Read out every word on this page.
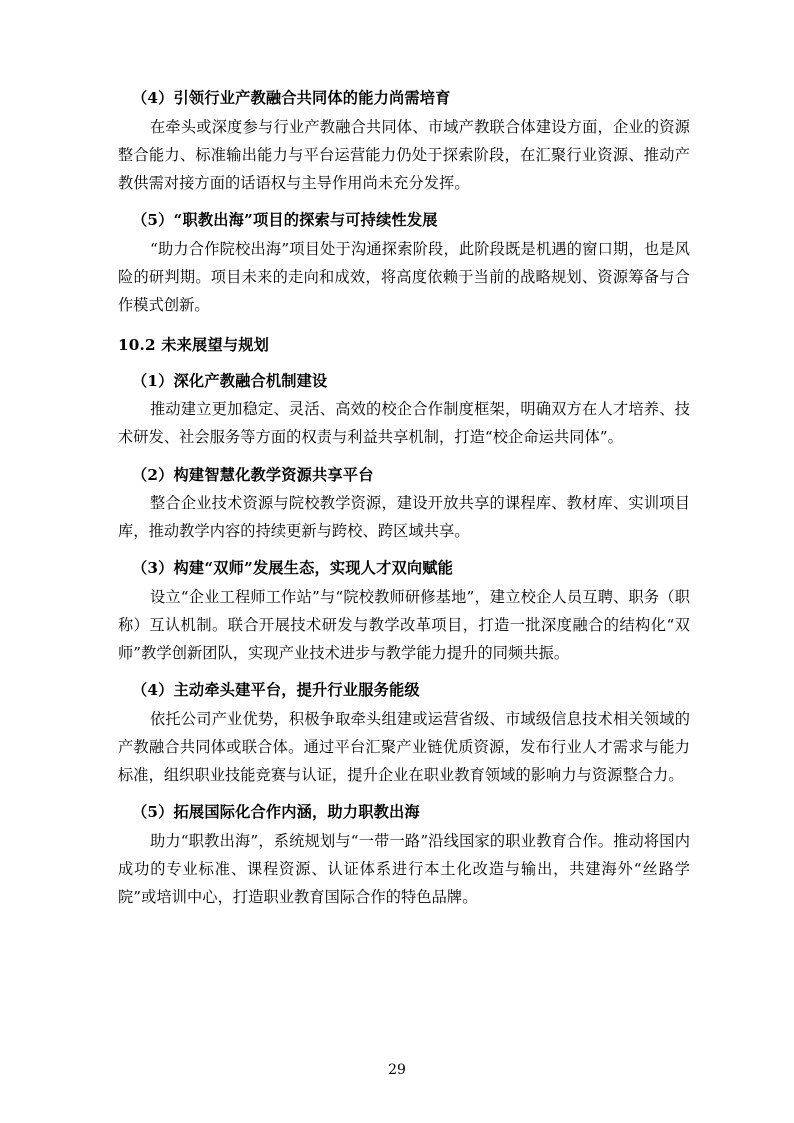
（4）引领行业产教融合共同体的能力尚需培育

在牵头或深度参与行业产教融合共同体、市域产教联合体建设方面，企业的资源整合能力、标准输出能力与平台运营能力仍处于探索阶段，在汇聚行业资源、推动产教供需对接方面的话语权与主导作用尚未充分发挥。

（5）“职教出海”项目的探索与可持续性发展

“助力合作院校出海”项目处于沟通探索阶段，此阶段既是机遇的窗口期，也是风险的研判期。项目未来的走向和成效，将高度依赖于当前的战略规划、资源筹备与合作模式创新。

10.2 未来展望与规划
（1）深化产教融合机制建设

推动建立更加稳定、灵活、高效的校企合作制度框架，明确双方在人才培养、技术研发、社会服务等方面的权责与利益共享机制，打造“校企命运共同体”。

（2）构建智慧化教学资源共享平台

整合企业技术资源与院校教学资源，建设开放共享的课程库、教材库、实训项目库，推动教学内容的持续更新与跨校、跨区域共享。

（3）构建“双师”发展生态，实现人才双向赋能

设立“企业工程师工作站”与“院校教师研修基地”，建立校企人员互聘、职务（职称）互认机制。联合开展技术研发与教学改革项目，打造一批深度融合的结构化“双师”教学创新团队，实现产业技术进步与教学能力提升的同频共振。

（4）主动牵头建平台，提升行业服务能级

依托公司产业优势，积极争取牵头组建或运营省级、市域级信息技术相关领域的产教融合共同体或联合体。通过平台汇聚产业链优质资源，发布行业人才需求与能力标准，组织职业技能竞赛与认证，提升企业在职业教育领域的影响力与资源整合力。

（5）拓展国际化合作内涵，助力职教出海

助力“职教出海”，系统规划与“一带一路”沿线国家的职业教育合作。推动将国内成功的专业标准、课程资源、认证体系进行本土化改造与输出，共建海外“丝路学院”或培训中心，打造职业教育国际合作的特色品牌。

29
